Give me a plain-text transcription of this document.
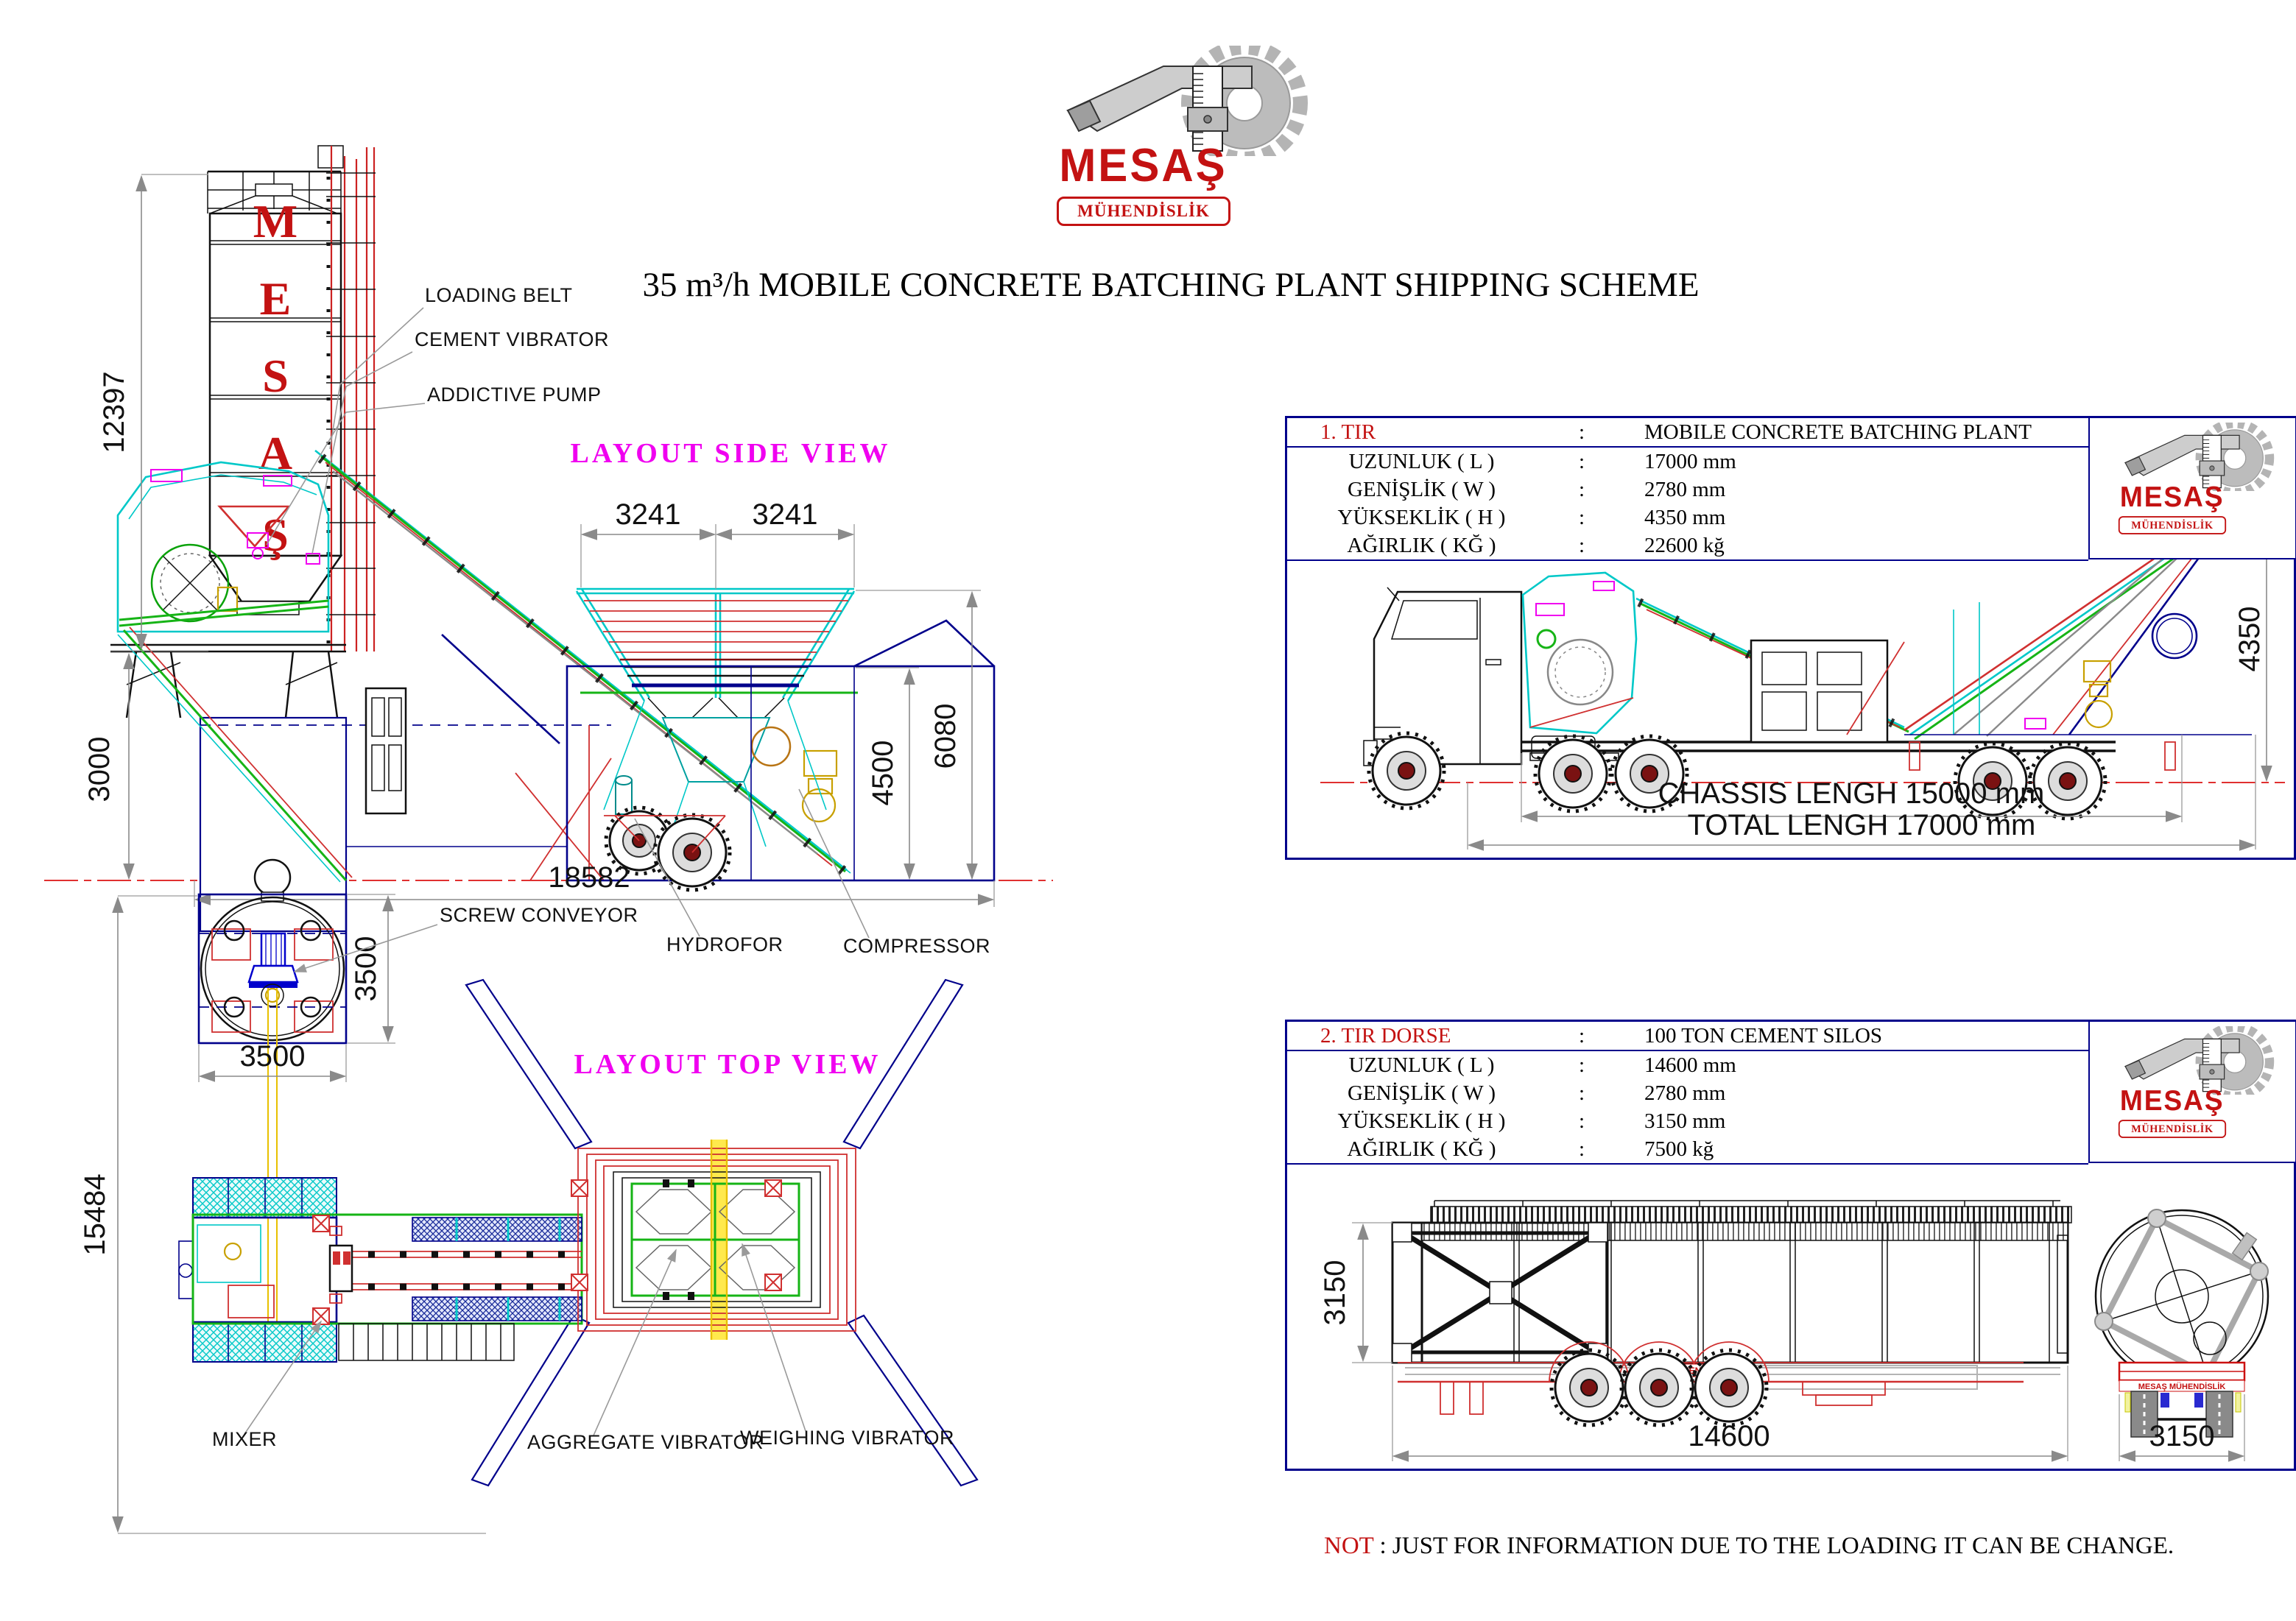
M
E
S
A
Ş
12397
3000
18582
3241 3241
4500
6080
LOADING BELT
CEMENT VIBRATOR
ADDICTIVE PUMP
HYDROFOR	COMPRESSOR
LAYOUT SIDE VIEW
3500
3500
15484
SCREW CONVEYOR
MIXER	AGGREGATE VIBRATOR
WEIGHING VIBRATOR
LAYOUT TOP VIEW
MESAŞ
MÜHENDİSLİK
35 m³/h MOBILE CONCRETE BATCHING PLANT SHIPPING SCHEME
4350
CHASSIS LENGH 15000 mm
TOTAL LENGH 17000 mm
1. TIR	:	MOBILE CONCRETE BATCHING PLANT
UZUNLUK ( L )	:	17000 mm
GENİŞLİK ( W )	:	2780 mm
YÜKSEKLİK ( H )	:	4350 mm
AĞIRLIK ( KĞ )	:	22600 kğ
MESAŞ
MÜHENDİSLİK
MESAŞ MÜHENDİSLİK
3150
14600	3150
2. TIR DORSE	:	100 TON CEMENT SILOS
UZUNLUK ( L )	:	14600 mm
GENİŞLİK ( W )	:	2780 mm
YÜKSEKLİK ( H )	:	3150 mm
AĞIRLIK ( KĞ )	:	7500 kğ
MESAŞ
MÜHENDİSLİK
NOT : JUST FOR INFORMATION DUE TO THE LOADING IT CAN BE CHANGE.
